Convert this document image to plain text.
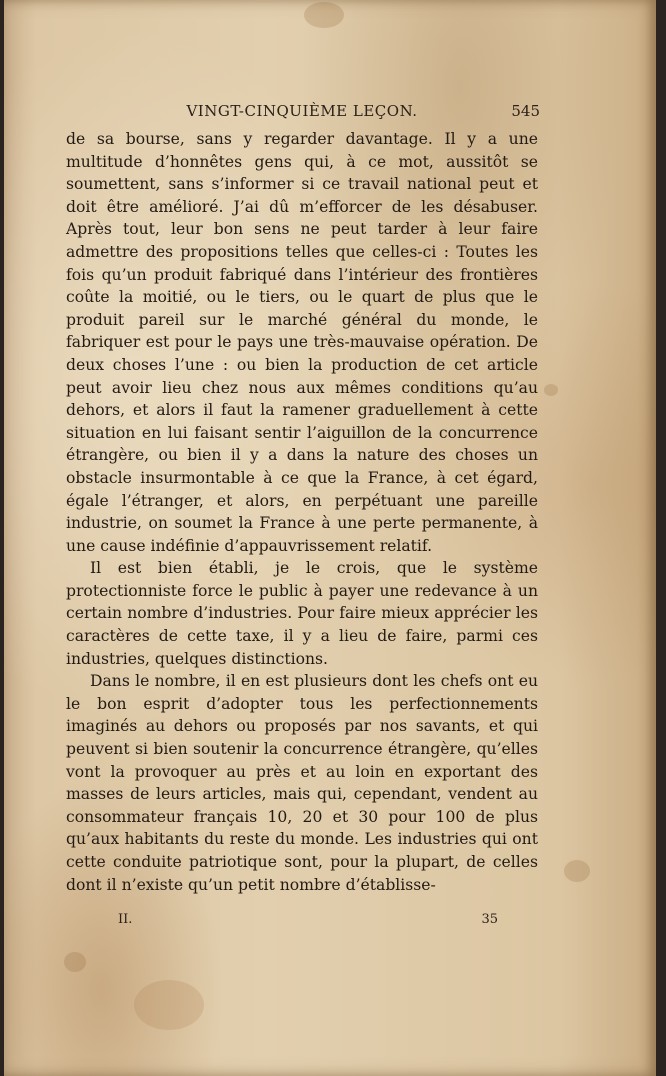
VINGT-CINQUIÈME LEÇON.	545

de sa bourse, sans y regarder davantage. Il y a une multitude d’honnêtes gens qui, à ce mot, aussitôt se soumettent, sans s’informer si ce travail national peut et doit être amélioré. J’ai dû m’efforcer de les désabuser. Après tout, leur bon sens ne peut tarder à leur faire admettre des propositions telles que celles-ci : Toutes les fois qu’un produit fabriqué dans l’intérieur des frontières coûte la moitié, ou le tiers, ou le quart de plus que le produit pareil sur le marché général du monde, le fabriquer est pour le pays une très-mauvaise opération. De deux choses l’une : ou bien la production de cet article peut avoir lieu chez nous aux mêmes conditions qu’au dehors, et alors il faut la ramener graduellement à cette situation en lui faisant sentir l’aiguillon de la concurrence étrangère, ou bien il y a dans la nature des choses un obstacle insurmontable à ce que la France, à cet égard, égale l’étranger, et alors, en perpétuant une pareille industrie, on soumet la France à une perte permanente, à une cause indéfinie d’appauvrissement relatif.

Il est bien établi, je le crois, que le système protectionniste force le public à payer une redevance à un certain nombre d’industries. Pour faire mieux apprécier les caractères de cette taxe, il y a lieu de faire, parmi ces industries, quelques distinctions.

Dans le nombre, il en est plusieurs dont les chefs ont eu le bon esprit d’adopter tous les perfectionnements imaginés au dehors ou proposés par nos savants, et qui peuvent si bien soutenir la concurrence étrangère, qu’elles vont la provoquer au près et au loin en exportant des masses de leurs articles, mais qui, cependant, vendent au consommateur français 10, 20 et 30 pour 100 de plus qu’aux habitants du reste du monde. Les industries qui ont cette conduite patriotique sont, pour la plupart, de celles dont il n’existe qu’un petit nombre d’établisse-

II.	35
